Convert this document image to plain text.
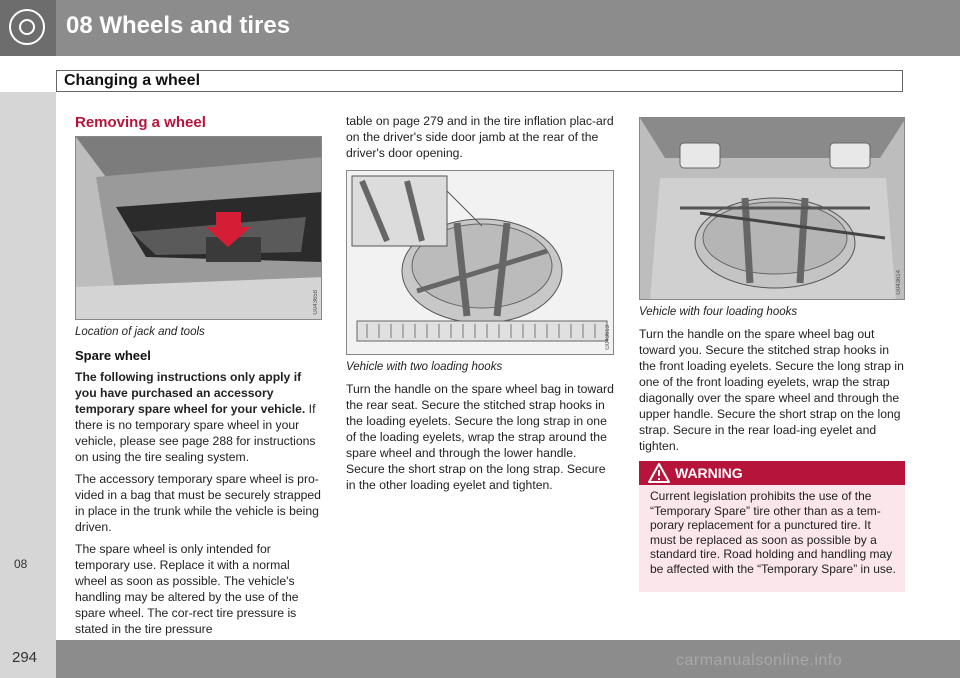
08 Wheels and tires
Changing a wheel
08
Removing a wheel
G043658

Location of jack and tools

Spare wheel

The following instructions only apply if you have purchased an accessory temporary spare wheel for your vehicle. If there is no temporary spare wheel in your vehicle, please see page 288 for instructions on using the tire sealing system.

The accessory temporary spare wheel is pro-vided in a bag that must be securely strapped in place in the trunk while the vehicle is being driven.

The spare wheel is only intended for temporary use. Replace it with a normal wheel as soon as possible. The vehicle's handling may be altered by the use of the spare wheel. The cor-rect tire pressure is stated in the tire pressure

table on page 279 and in the tire inflation plac-ard on the driver's side door jamb at the rear of the driver's door opening.

G043613

Vehicle with two loading hooks

Turn the handle on the spare wheel bag in toward the rear seat. Secure the stitched strap hooks in the loading eyelets. Secure the long strap in one of the loading eyelets, wrap the strap around the spare wheel and through the lower handle. Secure the short strap on the long strap. Secure in the other loading eyelet and tighten.

G043614

Vehicle with four loading hooks

Turn the handle on the spare wheel bag out toward you. Secure the stitched strap hooks in the front loading eyelets. Secure the long strap in one of the front loading eyelets, wrap the strap diagonally over the spare wheel and through the upper handle. Secure the short strap on the long strap. Secure in the rear load-ing eyelet and tighten.

WARNING
Current legislation prohibits the use of the “Temporary Spare” tire other than as a tem-porary replacement for a punctured tire. It must be replaced as soon as possible by a standard tire. Road holding and handling may be affected with the “Temporary Spare” in use.
294	carmanualsonline.info
